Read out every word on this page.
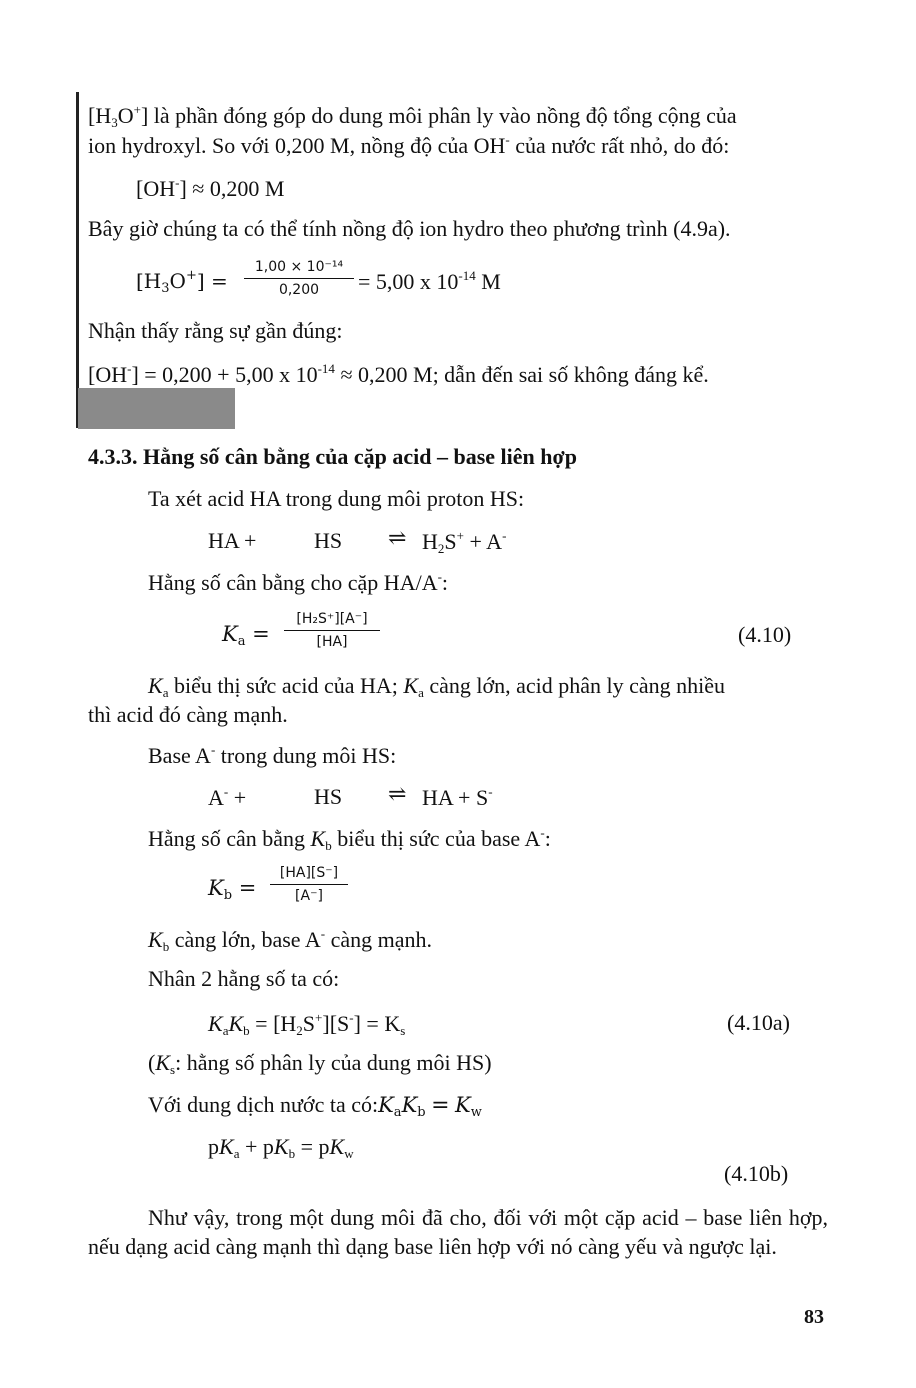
$[H_3O^+]$ là phần đóng góp do dung môi phân ly vào nồng độ tổng cộng của
ion hydroxyl. So với 0,200 M, nồng độ của OH- của nước rất nhỏ, do đó:
[OH-] ≈ 0,200 M
Bây giờ chúng ta có thể tính nồng độ ion hydro theo phương trình (4.9a).
$[H_3O^+]$ =
1,00 × 10⁻¹⁴
0,200	= 5,00 x $10^{-14}$ M
Nhận thấy rằng sự gần đúng:
[OH-] = 0,200 + 5,00 x $10^{-14} \approx 0,200$ M; dẫn đến sai số không đáng kể.
4.3.3. Hằng số cân bằng của cặp acid – base liên hợp
Ta xét acid HA trong dung môi proton HS:
HA +	HS ⇌ $H_2S^+ + A^-$
Hằng số cân bằng cho cặp HA/A-:
$K_a$ =
[H₂S⁺][A⁻]
[HA]	(4.10)
$K_a$ biểu thị sức acid của HA; $K_a$ càng lớn, acid phân ly càng nhiều
thì acid đó càng mạnh.
Base A- trong dung môi HS:
A- +	HS ⇌ HA + S-
Hằng số cân bằng $K_b$ biểu thị sức của base A-:
$K_b$ =
[HA][S⁻]
[A⁻]
$K_b$ càng lớn, base A- càng mạnh.
Nhân 2 hằng số ta có:
$K_aK_b = [H_2S^+][S^-] = K_s$	(4.10a)
($K_s$: hằng số phân ly của dung môi HS)
Với dung dịch nước ta $có:K_aK_b = K_w$
$pK_a + pK_b = pK_w$
(4.10b)
Như vậy, trong một dung môi đã cho, đối với một cặp acid – base liên hợp, nếu dạng acid càng mạnh thì dạng base liên hợp với nó càng yếu và ngược lại.
83
